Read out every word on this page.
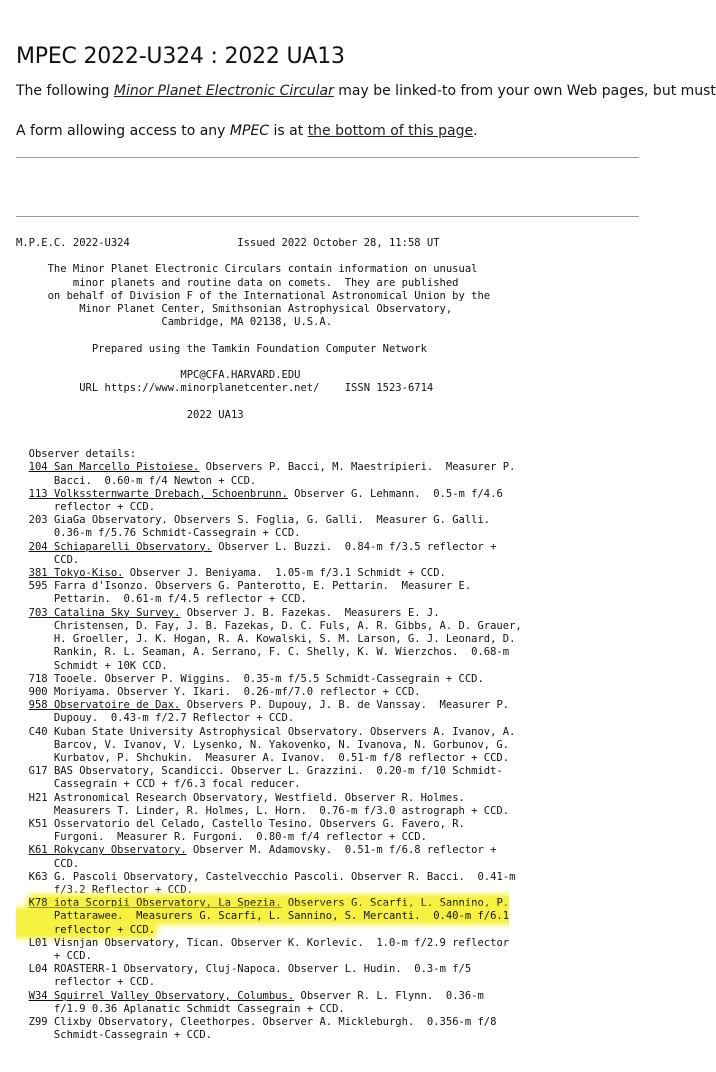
MPEC 2022-U324 : 2022 UA13

The following Minor Planet Electronic Circular may be linked-to from your own Web pages, but must

A form allowing access to any MPEC is at the bottom of this page.

M.P.E.C. 2022-U324	Issued 2022 October 28, 11:58 UT

The Minor Planet Electronic Circulars contain information on unusual
minor planets and routine data on comets.  They are published
on behalf of Division F of the International Astronomical Union by the
Minor Planet Center, Smithsonian Astrophysical Observatory,
Cambridge, MA 02138, U.S.A.

Prepared using the Tamkin Foundation Computer Network

MPC@CFA.HARVARD.EDU
URL https://www.minorplanetcenter.net/ ISSN 1523-6714

2022 UA13

Observer details:
104 San Marcello Pistoiese. Observers P. Bacci, M. Maestripieri.  Measurer P.
Bacci.  0.60-m f/4 Newton + CCD.
113 Volkssternwarte Drebach, Schoenbrunn. Observer G. Lehmann.  0.5-m f/4.6
reflector + CCD.
203 GiaGa Observatory. Observers S. Foglia, G. Galli.  Measurer G. Galli.
0.36-m f/5.76 Schmidt-Cassegrain + CCD.
204 Schiaparelli Observatory. Observer L. Buzzi.  0.84-m f/3.5 reflector +
CCD.
381 Tokyo-Kiso. Observer J. Beniyama.  1.05-m f/3.1 Schmidt + CCD.
595 Farra d'Isonzo. Observers G. Panterotto, E. Pettarin.  Measurer E.
Pettarin.  0.61-m f/4.5 reflector + CCD.
703 Catalina Sky Survey. Observer J. B. Fazekas.  Measurers E. J.
Christensen, D. Fay, J. B. Fazekas, D. C. Fuls, A. R. Gibbs, A. D. Grauer,
H. Groeller, J. K. Hogan, R. A. Kowalski, S. M. Larson, G. J. Leonard, D.
Rankin, R. L. Seaman, A. Serrano, F. C. Shelly, K. W. Wierzchos.  0.68-m
Schmidt + 10K CCD.
718 Tooele. Observer P. Wiggins.  0.35-m f/5.5 Schmidt-Cassegrain + CCD.
900 Moriyama. Observer Y. Ikari.  0.26-mf/7.0 reflector + CCD.
958 Observatoire de Dax. Observers P. Dupouy, J. B. de Vanssay.  Measurer P.
Dupouy.  0.43-m f/2.7 Reflector + CCD.
C40 Kuban State University Astrophysical Observatory. Observers A. Ivanov, A.
Barcov, V. Ivanov, V. Lysenko, N. Yakovenko, N. Ivanova, N. Gorbunov, G.
Kurbatov, P. Shchukin.  Measurer A. Ivanov.  0.51-m f/8 reflector + CCD.
G17 BAS Observatory, Scandicci. Observer L. Grazzini.  0.20-m f/10 Schmidt-
Cassegrain + CCD + f/6.3 focal reducer.
H21 Astronomical Research Observatory, Westfield. Observer R. Holmes.
Measurers T. Linder, R. Holmes, L. Horn.  0.76-m f/3.0 astrograph + CCD.
K51 Osservatorio del Celado, Castello Tesino. Observers G. Favero, R.
Furgoni.  Measurer R. Furgoni.  0.80-m f/4 reflector + CCD.
K61 Rokycany Observatory. Observer M. Adamovsky.  0.51-m f/6.8 reflector +
CCD.
K63 G. Pascoli Observatory, Castelvecchio Pascoli. Observer R. Bacci.  0.41-m
f/3.2 Reflector + CCD.
K78 iota Scorpii Observatory, La Spezia. Observers G. Scarfi, L. Sannino, P.
Pattarawee.  Measurers G. Scarfi, L. Sannino, S. Mercanti.  0.40-m f/6.1
reflector + CCD.
L01 Visnjan Observatory, Tican. Observer K. Korlevic.  1.0-m f/2.9 reflector
+ CCD.
L04 ROASTERR-1 Observatory, Cluj-Napoca. Observer L. Hudin.  0.3-m f/5
reflector + CCD.
W34 Squirrel Valley Observatory, Columbus. Observer R. L. Flynn.  0.36-m
f/1.9 0.36 Aplanatic Schmidt Cassegrain + CCD.
Z99 Clixby Observatory, Cleethorpes. Observer A. Mickleburgh.  0.356-m f/8
Schmidt-Cassegrain + CCD.
